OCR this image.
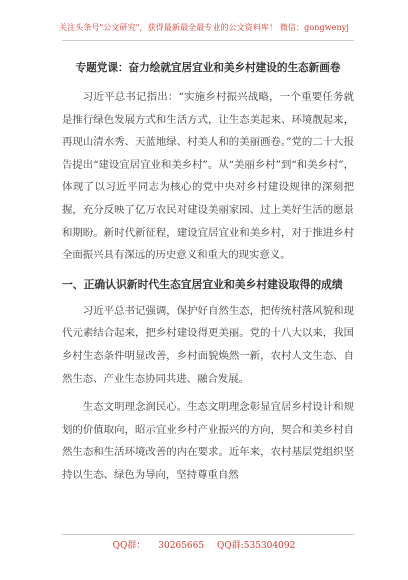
关注头条号"公文研究"，获得最新最全最专业的公文资料库！ 微信：gongwenyj
专题党课：奋力绘就宜居宜业和美乡村建设的生态新画卷

习近平总书记指出：“实施乡村振兴战略，一个重要任务就是推行绿色发展方式和生活方式，让生态美起来、环境靓起来，再现山清水秀、天蓝地绿、村美人和的美丽画卷。”党的二十大报告提出“建设宜居宜业和美乡村”。从“美丽乡村”到“和美乡村”，体现了以习近平同志为核心的党中央对乡村建设规律的深刻把握，充分反映了亿万农民对建设美丽家园、过上美好生活的愿景和期盼。新时代新征程，建设宜居宜业和美乡村，对于推进乡村全面振兴具有深远的历史意义和重大的现实意义。

一、正确认识新时代生态宜居宜业和美乡村建设取得的成绩

习近平总书记强调，保护好自然生态，把传统村落风貌和现代元素结合起来，把乡村建设得更美丽。党的十八大以来，我国乡村生态条件明显改善，乡村面貌焕然一新，农村人文生态、自然生态、产业生态协同共进、融合发展。

生态文明理念润民心。生态文明理念彰显宜居乡村设计和规划的价值取向，昭示宜业乡村产业振兴的方向，契合和美乡村自然生态和生活环境改善的内在要求。近年来，农村基层党组织坚持以生态、绿色为导向，坚持尊重自然

QQ群： 30265665 QQ群:535304092
